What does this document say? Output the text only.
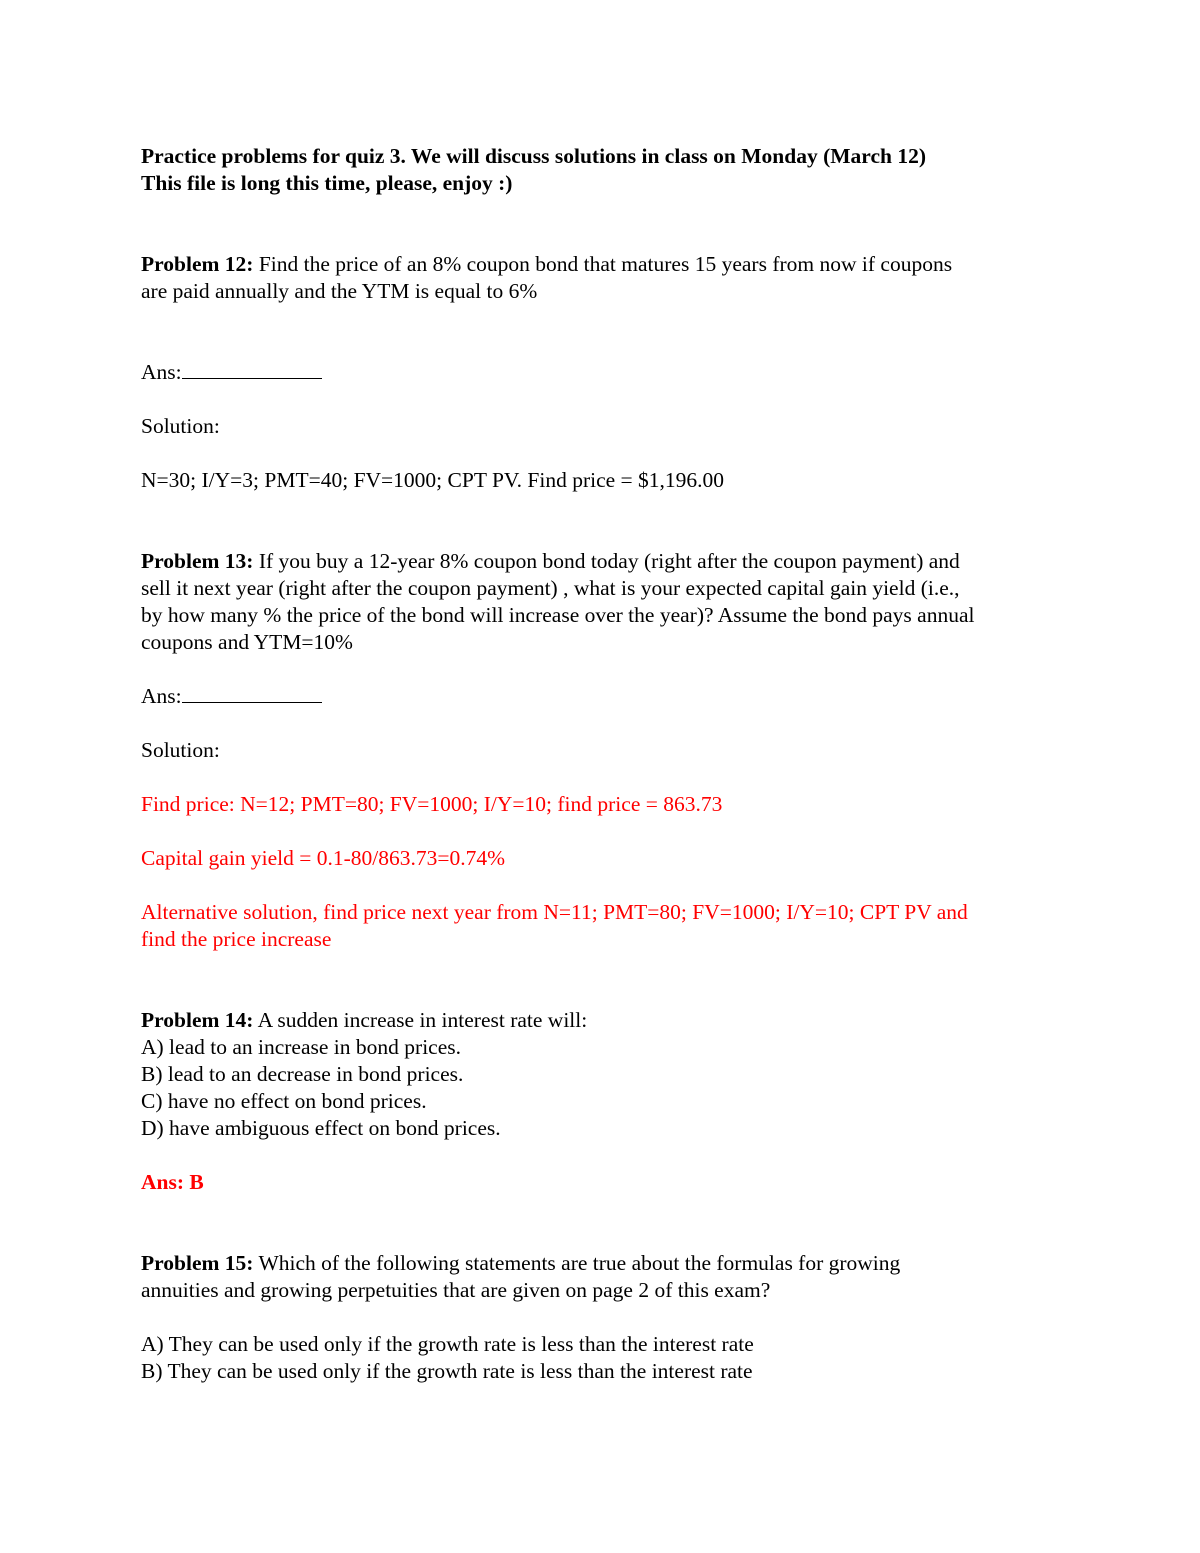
Practice problems for quiz 3. We will discuss solutions in class on Monday (March 12)

This file is long this time, please, enjoy :)

Problem 12: Find the price of an 8% coupon bond that matures 15 years from now if coupons

are paid annually and the YTM is equal to 6%

Ans:

Solution:

N=30; I/Y=3; PMT=40; FV=1000; CPT PV. Find price = $1,196.00

Problem 13: If you buy a 12-year 8% coupon bond today (right after the coupon payment) and

sell it next year (right after the coupon payment) , what is your expected capital gain yield (i.e.,

by how many % the price of the bond will increase over the year)? Assume the bond pays annual

coupons and YTM=10%

Ans:

Solution:

Find price: N=12; PMT=80; FV=1000; I/Y=10; find price = 863.73

Capital gain yield = 0.1-80/863.73=0.74%

Alternative solution, find price next year from N=11; PMT=80; FV=1000; I/Y=10; CPT PV and

find the price increase

Problem 14: A sudden increase in interest rate will:

A) lead to an increase in bond prices.

B) lead to an decrease in bond prices.

C) have no effect on bond prices.

D) have ambiguous effect on bond prices.

Ans: B

Problem 15: Which of the following statements are true about the formulas for growing

annuities and growing perpetuities that are given on page 2 of this exam?

A) They can be used only if the growth rate is less than the interest rate

B) They can be used only if the growth rate is less than the interest rate
